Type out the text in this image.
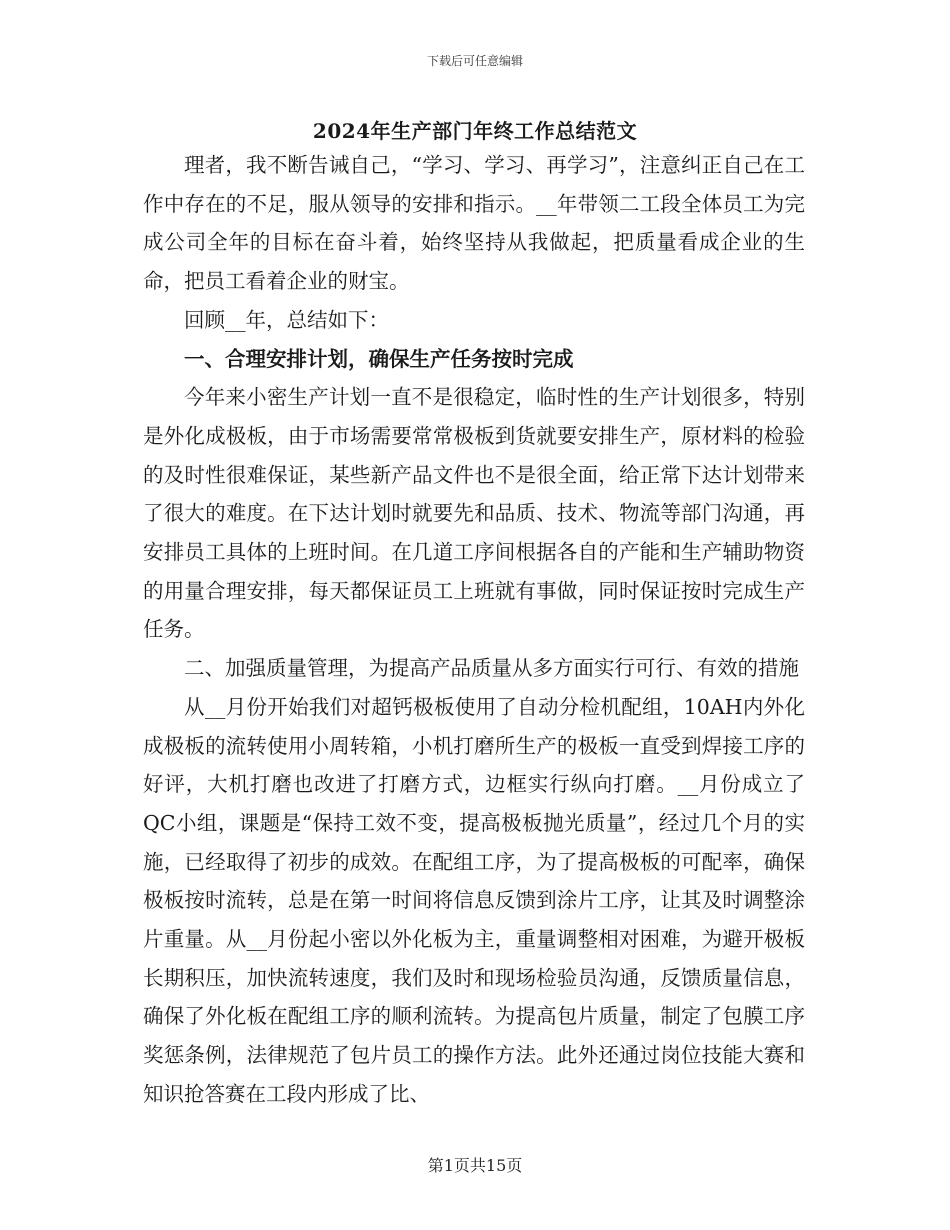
下载后可任意编辑
2024年生产部门年终工作总结范文

理者，我不断告诫自己，“学习、学习、再学习”，注意纠正自己在工作中存在的不足，服从领导的安排和指示。__年带领二工段全体员工为完成公司全年的目标在奋斗着，始终坚持从我做起，把质量看成企业的生命，把员工看着企业的财宝。

回顾__年，总结如下：

一、合理安排计划，确保生产任务按时完成

今年来小密生产计划一直不是很稳定，临时性的生产计划很多，特别是外化成极板，由于市场需要常常极板到货就要安排生产，原材料的检验的及时性很难保证，某些新产品文件也不是很全面，给正常下达计划带来了很大的难度。在下达计划时就要先和品质、技术、物流等部门沟通，再安排员工具体的上班时间。在几道工序间根据各自的产能和生产辅助物资的用量合理安排，每天都保证员工上班就有事做，同时保证按时完成生产任务。

二、加强质量管理，为提高产品质量从多方面实行可行、有效的措施

从__月份开始我们对超钙极板使用了自动分检机配组，10AH内外化成极板的流转使用小周转箱，小机打磨所生产的极板一直受到焊接工序的好评，大机打磨也改进了打磨方式，边框实行纵向打磨。__月份成立了QC小组，课题是“保持工效不变，提高极板抛光质量”，经过几个月的实施，已经取得了初步的成效。在配组工序，为了提高极板的可配率，确保极板按时流转，总是在第一时间将信息反馈到涂片工序，让其及时调整涂片重量。从__月份起小密以外化板为主，重量调整相对困难，为避开极板长期积压，加快流转速度，我们及时和现场检验员沟通，反馈质量信息，确保了外化板在配组工序的顺利流转。为提高包片质量，制定了包膜工序奖惩条例，法律规范了包片员工的操作方法。此外还通过岗位技能大赛和知识抢答赛在工段内形成了比、

第1页共15页
